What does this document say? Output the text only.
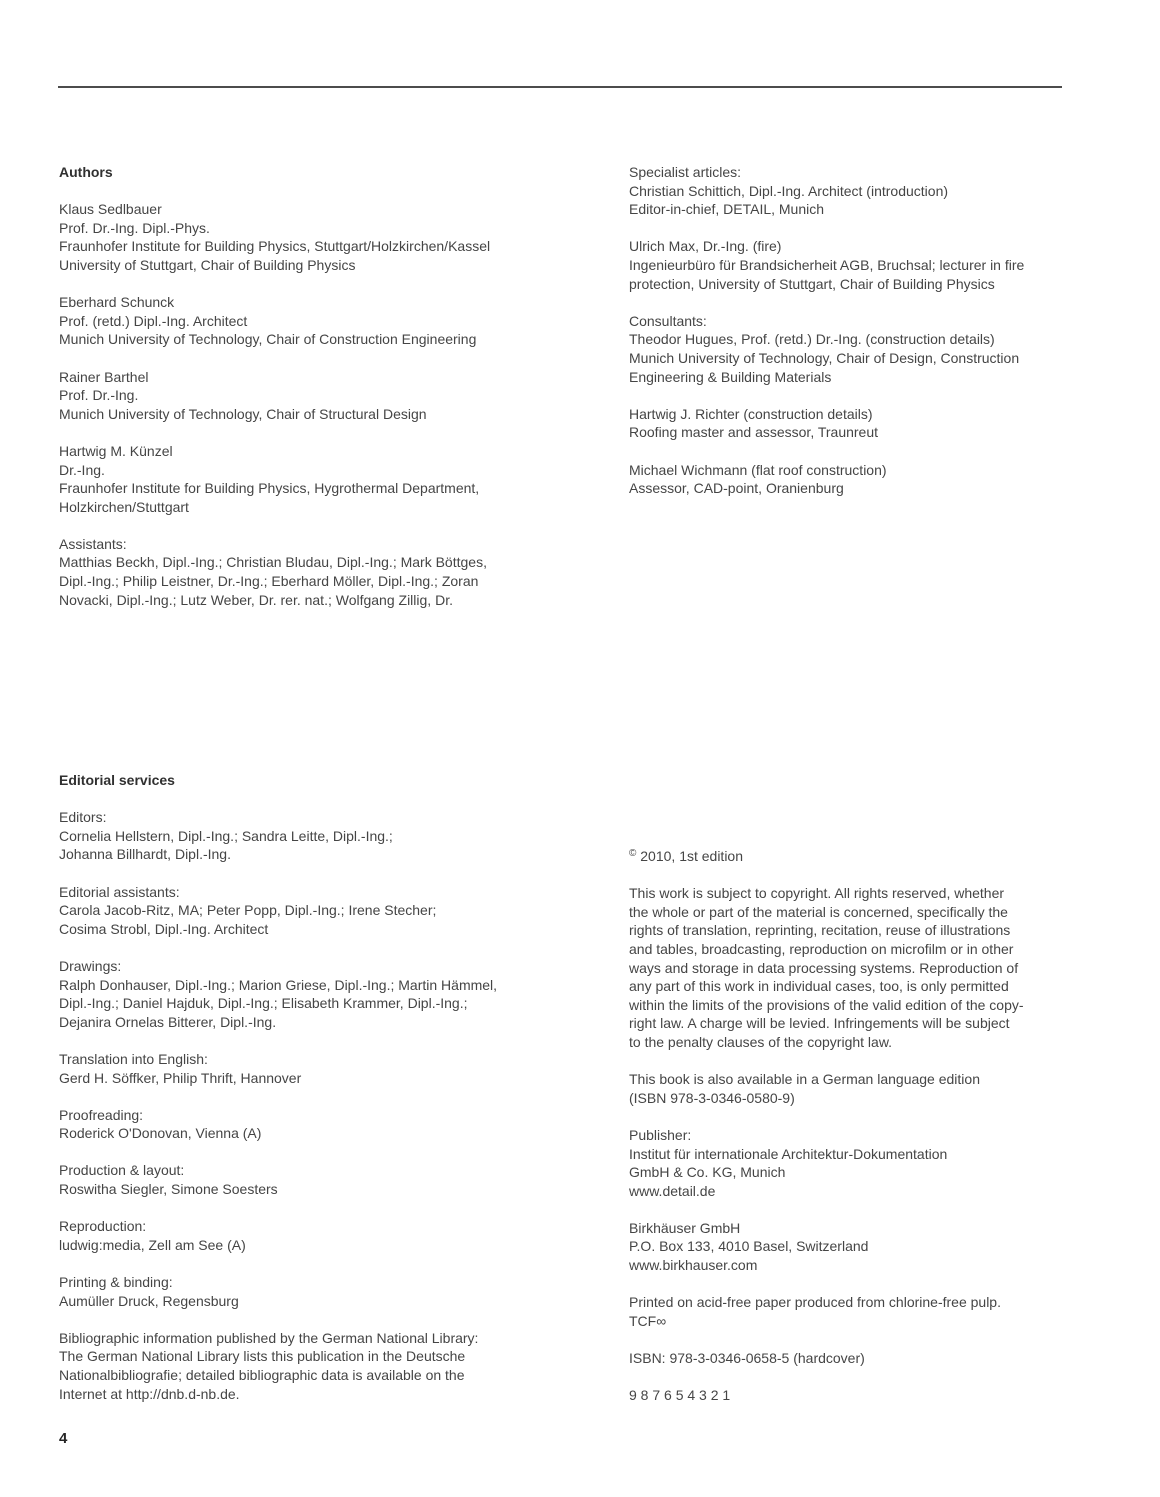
Authors

Klaus Sedlbauer
Prof. Dr.-Ing. Dipl.-Phys.
Fraunhofer Institute for Building Physics, Stuttgart/Holzkirchen/Kassel
University of Stuttgart, Chair of Building Physics

Eberhard Schunck
Prof. (retd.) Dipl.-Ing. Architect
Munich University of Technology, Chair of Construction Engineering

Rainer Barthel
Prof. Dr.-Ing.
Munich University of Technology, Chair of Structural Design

Hartwig M. Künzel
Dr.-Ing.
Fraunhofer Institute for Building Physics, Hygrothermal Department,
Holzkirchen/Stuttgart

Assistants:
Matthias Beckh, Dipl.-Ing.; Christian Bludau, Dipl.-Ing.; Mark Böttges,
Dipl.-Ing.; Philip Leistner, Dr.-Ing.; Eberhard Möller, Dipl.-Ing.; Zoran
Novacki, Dipl.-Ing.; Lutz Weber, Dr. rer. nat.; Wolfgang Zillig, Dr.

Specialist articles:
Christian Schittich, Dipl.-Ing. Architect (introduction)
Editor-in-chief, DETAIL, Munich

Ulrich Max, Dr.-Ing. (fire)
Ingenieurbüro für Brandsicherheit AGB, Bruchsal; lecturer in fire
protection, University of Stuttgart, Chair of Building Physics

Consultants:
Theodor Hugues, Prof. (retd.) Dr.-Ing. (construction details)
Munich University of Technology, Chair of Design, Construction
Engineering & Building Materials

Hartwig J. Richter (construction details)
Roofing master and assessor, Traunreut

Michael Wichmann (flat roof construction)
Assessor, CAD-point, Oranienburg

Editorial services

Editors:
Cornelia Hellstern, Dipl.-Ing.; Sandra Leitte, Dipl.-Ing.;
Johanna Billhardt, Dipl.-Ing.

Editorial assistants:
Carola Jacob-Ritz, MA; Peter Popp, Dipl.-Ing.; Irene Stecher;
Cosima Strobl, Dipl.-Ing. Architect

Drawings:
Ralph Donhauser, Dipl.-Ing.; Marion Griese, Dipl.-Ing.; Martin Hämmel,
Dipl.-Ing.; Daniel Hajduk, Dipl.-Ing.; Elisabeth Krammer, Dipl.-Ing.;
Dejanira Ornelas Bitterer, Dipl.-Ing.

Translation into English:
Gerd H. Söffker, Philip Thrift, Hannover

Proofreading:
Roderick O'Donovan, Vienna (A)

Production & layout:
Roswitha Siegler, Simone Soesters

Reproduction:
ludwig:media, Zell am See (A)

Printing & binding:
Aumüller Druck, Regensburg

Bibliographic information published by the German National Library:
The German National Library lists this publication in the Deutsche
Nationalbibliografie; detailed bibliographic data is available on the
Internet at http://dnb.d-nb.de.

© 2010, 1st edition

This work is subject to copyright. All rights reserved, whether
the whole or part of the material is concerned, specifically the
rights of translation, reprinting, recitation, reuse of illustrations
and tables, broadcasting, reproduction on microfilm or in other
ways and storage in data processing systems. Reproduction of
any part of this work in individual cases, too, is only permitted
within the limits of the provisions of the valid edition of the copy-
right law. A charge will be levied. Infringements will be subject
to the penalty clauses of the copyright law.

This book is also available in a German language edition
(ISBN 978-3-0346-0580-9)

Publisher:
Institut für internationale Architektur-Dokumentation
GmbH & Co. KG, Munich
www.detail.de

Birkhäuser GmbH
P.O. Box 133, 4010 Basel, Switzerland
www.birkhauser.com

Printed on acid-free paper produced from chlorine-free pulp.
TCF∞

ISBN: 978-3-0346-0658-5 (hardcover)

9 8 7 6 5 4 3 2 1

4
